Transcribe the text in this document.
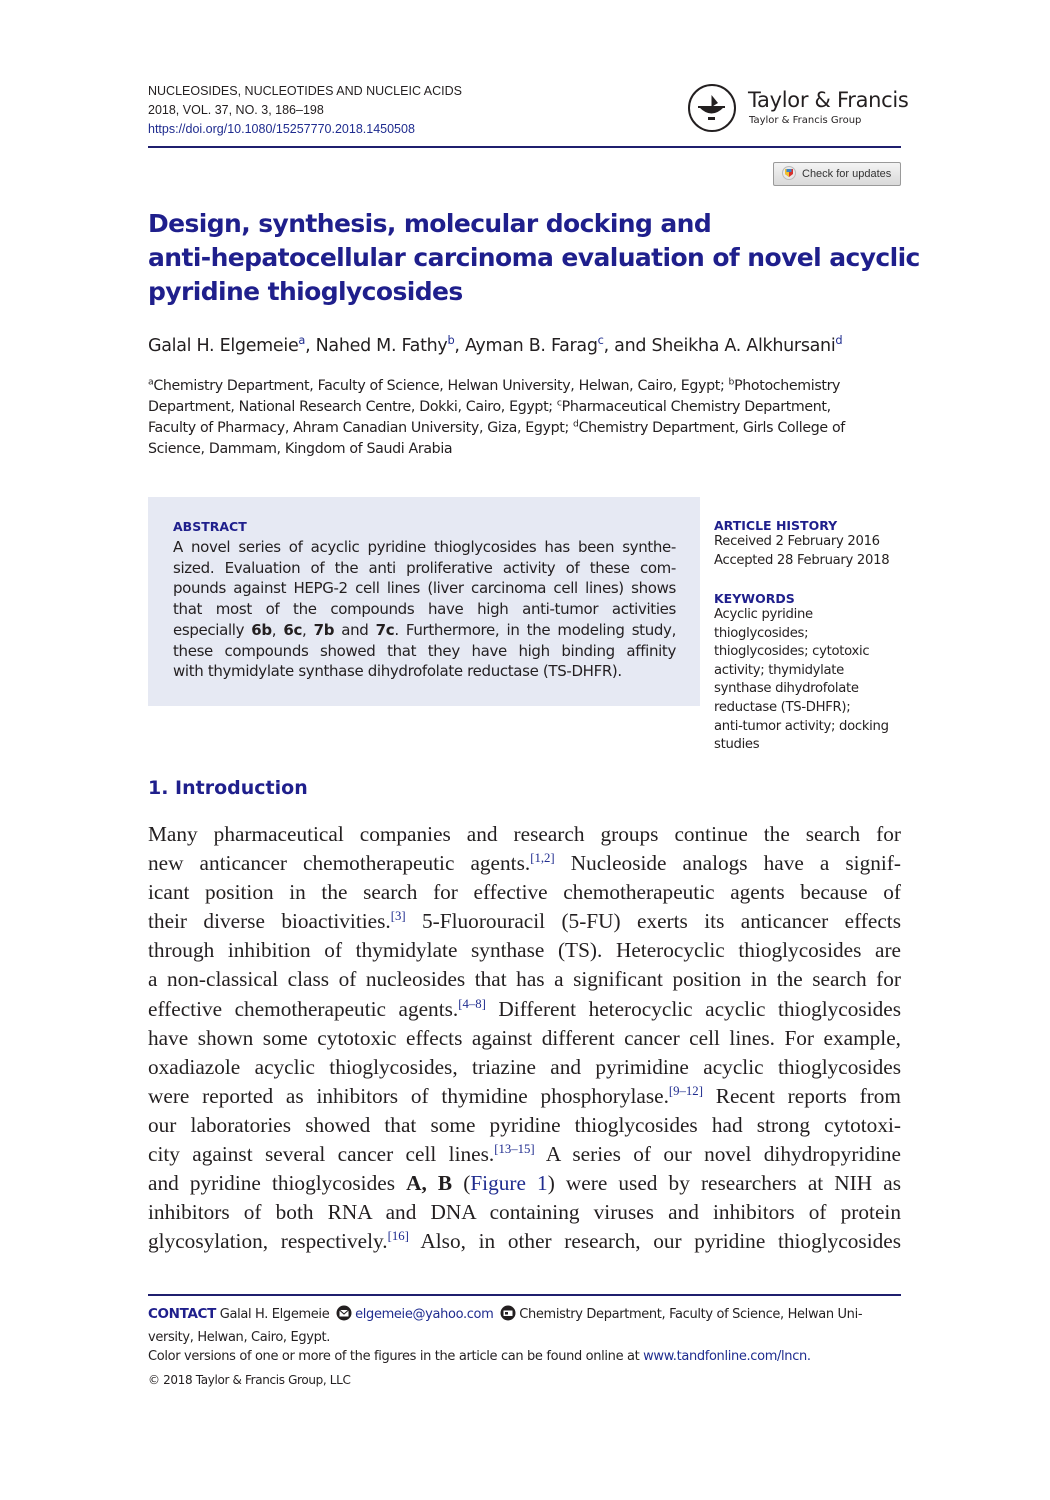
NUCLEOSIDES, NUCLEOTIDES AND NUCLEIC ACIDS
2018, VOL. 37, NO. 3, 186–198
https://doi.org/10.1080/15257770.2018.1450508
Taylor & Francis
Taylor & Francis Group
Check for updates
Design, synthesis, molecular docking and
anti-hepatocellular carcinoma evaluation of novel acyclic
pyridine thioglycosides
Galal H. Elgemeie$^a$, Nahed M. Fathy$^b$, Ayman B. Farag$^c$, and Sheikha A. Alkhursani$^d$
$^a$Chemistry Department, Faculty of Science, Helwan University, Helwan, Cairo, Egypt; $^b$Photochemistry
Department, National Research Centre, Dokki, Cairo, Egypt; $^c$Pharmaceutical Chemistry Department,
Faculty of Pharmacy, Ahram Canadian University, Giza, Egypt; $^d$Chemistry Department, Girls College of
Science, Dammam, Kingdom of Saudi Arabia
ABSTRACT
A novel series of acyclic pyridine thioglycosides has been synthe-
sized. Evaluation of the anti proliferative activity of these com-
pounds against HEPG-2 cell lines (liver carcinoma cell lines) shows
that most of the compounds have high anti-tumor activities
especially 6b, 6c, 7b and 7c. Furthermore, in the modeling study,
these compounds showed that they have high binding affinity
with thymidylate synthase dihydrofolate reductase (TS-DHFR).
ARTICLE HISTORY
Received 2 February 2016
Accepted 28 February 2018
KEYWORDS
Acyclic pyridine
thioglycosides;
thioglycosides; cytotoxic
activity; thymidylate
synthase dihydrofolate
reductase (TS-DHFR);
anti-tumor activity; docking
studies
1. Introduction
Many pharmaceutical companies and research groups continue the search for
new anticancer chemotherapeutic agents.[1,2] Nucleoside analogs have a signif-
icant position in the search for effective chemotherapeutic agents because of
their diverse bioactivities.[3] 5-Fluorouracil (5-FU) exerts its anticancer effects
through inhibition of thymidylate synthase (TS). Heterocyclic thioglycosides are
a non-classical class of nucleosides that has a significant position in the search for
effective chemotherapeutic agents.[4–8] Different heterocyclic acyclic thioglycosides
have shown some cytotoxic effects against different cancer cell lines. For example,
oxadiazole acyclic thioglycosides, triazine and pyrimidine acyclic thioglycosides
were reported as inhibitors of thymidine phosphorylase.[9–12] Recent reports from
our laboratories showed that some pyridine thioglycosides had strong cytotoxi-
city against several cancer cell lines.[13–15] A series of our novel dihydropyridine
and pyridine thioglycosides A, B (Figure 1) were used by researchers at NIH as
inhibitors of both RNA and DNA containing viruses and inhibitors of protein
glycosylation, respectively.[16] Also, in other research, our pyridine thioglycosides
CONTACT Galal H. Elgemeie elgemeie@yahoo.com Chemistry Department, Faculty of Science, Helwan Uni-
versity, Helwan, Cairo, Egypt.
Color versions of one or more of the figures in the article can be found online at www.tandfonline.com/lncn.
© 2018 Taylor & Francis Group, LLC
